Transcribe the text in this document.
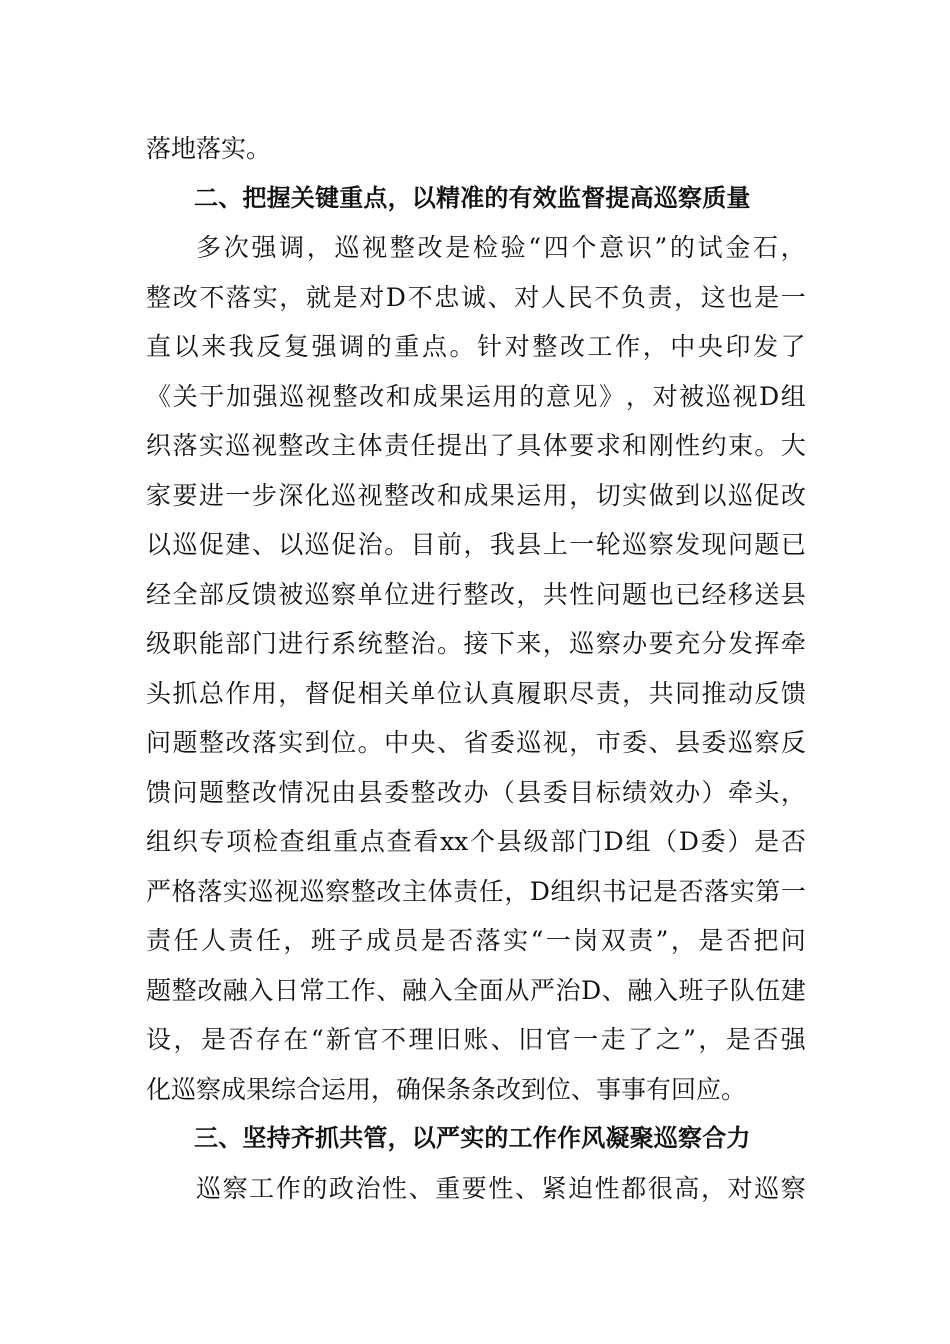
落地落实。
二、把握关键重点，以精准的有效监督提高巡察质量
多 次 强 调 ， 巡 视 整 改 是 检 验 “ 四 个 意 识 ” 的 试 金 石 ，
整 改 不 落 实 ， 就 是 对 D 不 忠 诚 、 对 人 民 不 负 责 ， 这 也 是 一
直 以 来 我 反 复 强 调 的 重 点 。 针 对 整 改 工 作 ， 中 央 印 发 了
《 关 于 加 强 巡 视 整 改 和 成 果 运 用 的 意 见 》 ， 对 被 巡 视 D 组
织 落 实 巡 视 整 改 主 体 责 任 提 出 了 具 体 要 求 和 刚 性 约 束 。 大
家 要 进 一 步 深 化 巡 视 整 改 和 成 果 运 用 ， 切 实 做 到 以 巡 促 改
以 巡 促 建 、 以 巡 促 治 。 目 前 ， 我 县 上 一 轮 巡 察 发 现 问 题 已
经 全 部 反 馈 被 巡 察 单 位 进 行 整 改 ， 共 性 问 题 也 已 经 移 送 县
级 职 能 部 门 进 行 系 统 整 治 。 接 下 来 ， 巡 察 办 要 充 分 发 挥 牵
头 抓 总 作 用 ， 督 促 相 关 单 位 认 真 履 职 尽 责 ， 共 同 推 动 反 馈
问 题 整 改 落 实 到 位 。 中 央 、 省 委 巡 视 ， 市 委 、 县 委 巡 察 反
馈 问 题 整 改 情 况 由 县 委 整 改 办 （ 县 委 目 标 绩 效 办 ） 牵 头 ，
组 织 专 项 检 查 组 重 点 查 看 xx 个 县 级 部 门 D 组 （ D 委 ） 是 否
严 格 落 实 巡 视 巡 察 整 改 主 体 责 任 ， D 组 织 书 记 是 否 落 实 第 一
责 任 人 责 任 ， 班 子 成 员 是 否 落 实 “ 一 岗 双 责 ” ， 是 否 把 问
题 整 改 融 入 日 常 工 作 、 融 入 全 面 从 严 治 D 、 融 入 班 子 队 伍 建
设 ， 是 否 存 在 “ 新 官 不 理 旧 账 、 旧 官 一 走 了 之 ” ， 是 否 强
化巡察成果综合运用，确保条条改到位、事事有回应。
三、坚持齐抓共管，以严实的工作作风凝聚巡察合力
巡 察 工 作 的 政 治 性 、 重 要 性 、 紧 迫 性 都 很 高 ， 对 巡 察
